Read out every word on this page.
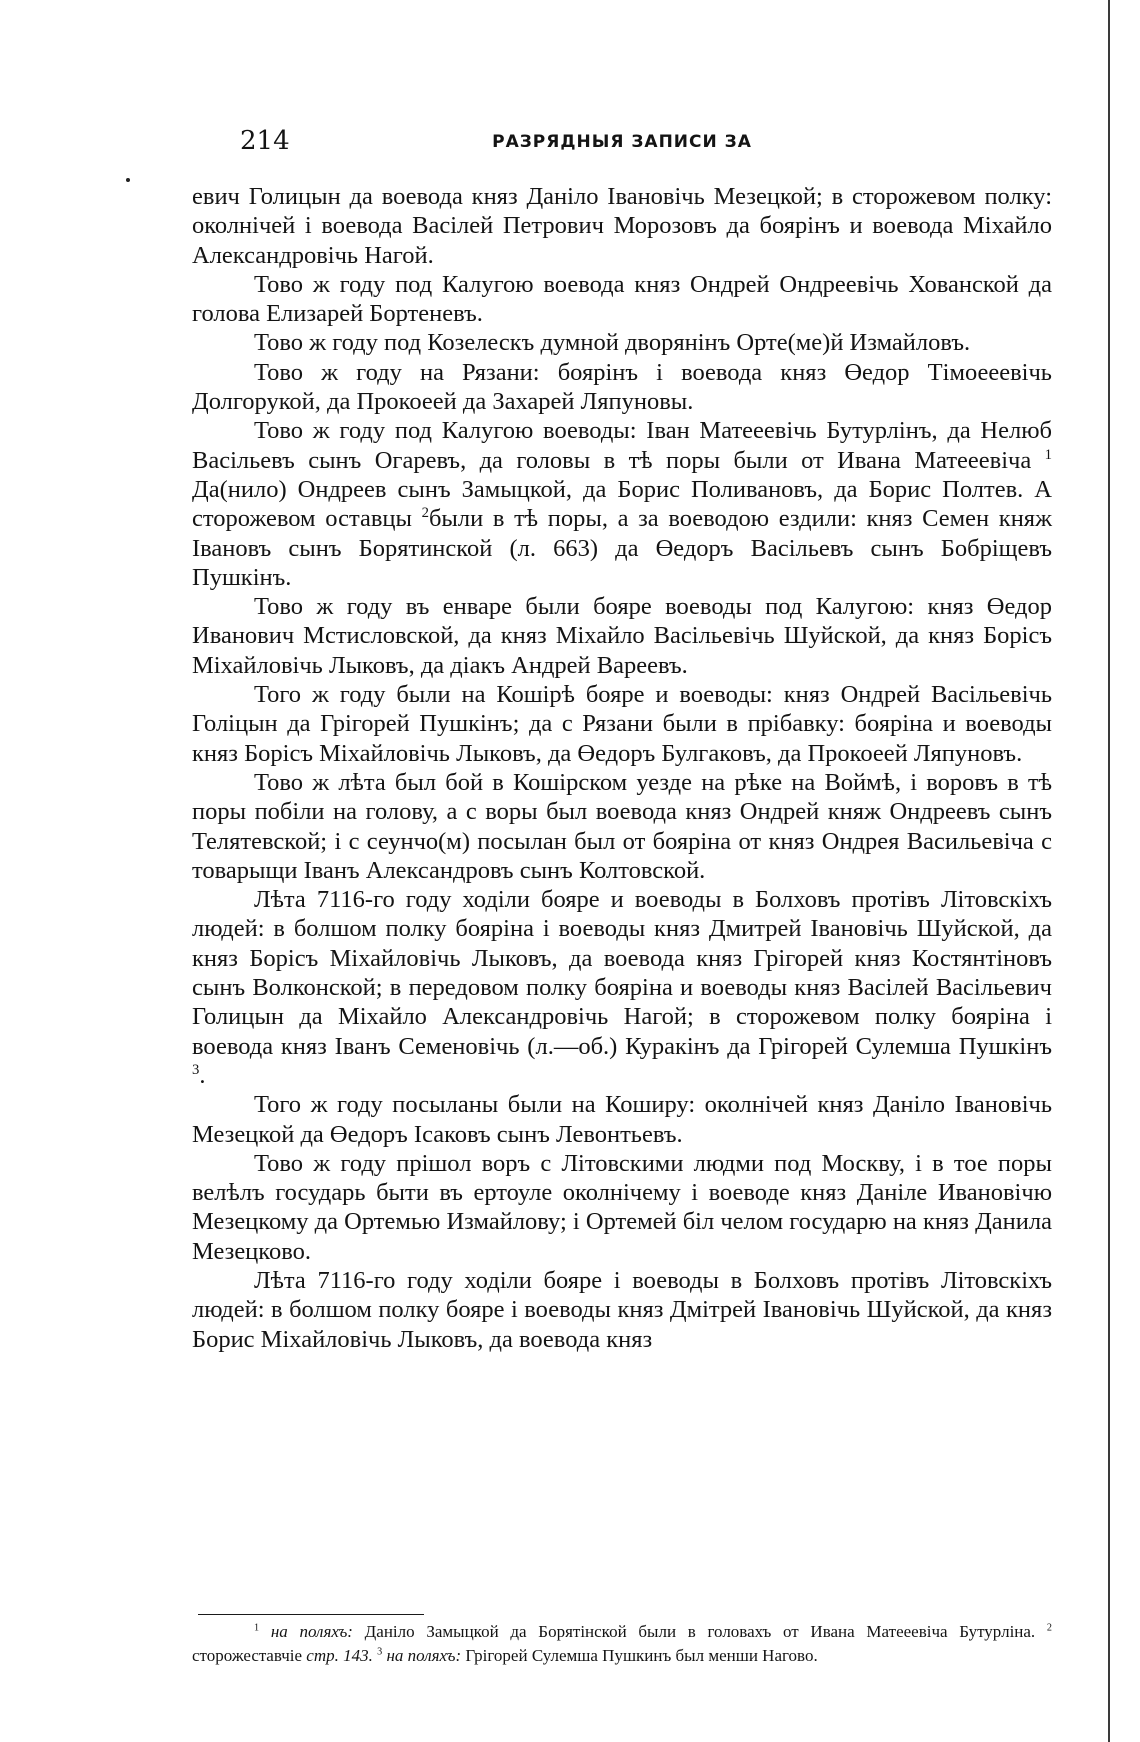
214	РАЗРЯДНЫЯ ЗАПИСИ ЗА

евич Голицын да воевода княз Даніло Івановічь Мезецкой; в сторожевом полку: околнічей і воевода Васілей Петрович Морозовъ да боярінъ и воевода Міхайло Александровічь Нагой.

Тово ж году под Калугою воевода княз Ондрей Ондреевічь Хованской да голова Елизарей Бортеневъ.

Тово ж году под Козелескъ думной дворянінъ Орте(ме)й Измайловъ.

Тово ж году на Рязани: боярінъ і воевода княз Өедор Тімоееевічь Долгорукой, да Прокоеей да Захарей Ляпуновы.

Тово ж году под Калугою воеводы: Іван Матееевічь Бутурлінъ, да Нелюб Васільевъ сынъ Огаревъ, да головы в тѣ поры были от Ивана Матееевіча $^1$ Да(нило) Ондреев сынъ Замыцкой, да Борис Поливановъ, да Борис Полтев. А сторожевом оставцы $^2$были в тѣ поры, а за воеводою ездили: княз Семен княж Івановъ сынъ Борятинской (л. 663) да Өедоръ Васільевъ сынъ Бобріщевъ Пушкінъ.

Тово ж году въ енваре были бояре воеводы под Калугою: княз Өедор Иванович Мстисловской, да княз Міхайло Васільевічь Шуйской, да княз Борісъ Міхайловічь Лыковъ, да діакъ Андрей Вареевъ.

Того ж году были на Кошірѣ бояре и воеводы: княз Ондрей Васільевічь Голіцын да Грігорей Пушкінъ; да с Рязани были в прібавку: бояріна и воеводы княз Борісъ Міхайловічь Лыковъ, да Өедоръ Булгаковъ, да Прокоеей Ляпуновъ.

Тово ж лѣта был бой в Кошірском уезде на рѣке на Воймѣ, і воровъ в тѣ поры побіли на голову, а с воры был воевода княз Ондрей княж Ондреевъ сынъ Телятевской; і с сеунчо(м) посылан был от бояріна от княз Ондрея Васильевіча с товарыщи Іванъ Александровъ сынъ Колтовской.

Лѣта 7116-го году ходіли бояре и воеводы в Болховъ протівъ Літовскіхъ людей: в болшом полку бояріна і воеводы княз Дмитрей Івановічь Шуйской, да княз Борісъ Міхайловічь Лыковъ, да воевода княз Грігорей княз Костянтіновъ сынъ Волконской; в передовом полку бояріна и воеводы княз Васілей Васільевич Голицын да Міхайло Александровічь Нагой; в сторожевом полку бояріна і воевода княз Іванъ Семеновічь (л.—об.) Куракінъ да Грігорей Сулемша Пушкінъ $^3$.

Того ж году посыланы были на Коширу: околнічей княз Даніло Івановічь Мезецкой да Өедоръ Ісаковъ сынъ Левонтьевъ.

Тово ж году прішол воръ с Літовскими людми под Москву, і в тое поры велѣлъ государь быти въ ертоуле околнічему і воеводе княз Даніле Ивановічю Мезецкому да Ортемью Измайлову; і Ортемей біл челом государю на княз Данила Мезецково.

Лѣта 7116-го году ходіли бояре і воеводы в Болховъ протівъ Літовскіхъ людей: в болшом полку бояре і воеводы княз Дмітрей Івановічь Шуйской, да княз Борис Міхайловічь Лыковъ, да воевода княз

$^1$ на поляхъ: Даніло Замыцкой да Борятінской были в головахъ от Ивана Матееевіча Бутурліна. $^2$ сторожестaвчіе стр. 143. $^3$ на поляхъ: Грігорей Сулемша Пушкинъ был менши Нагово.
